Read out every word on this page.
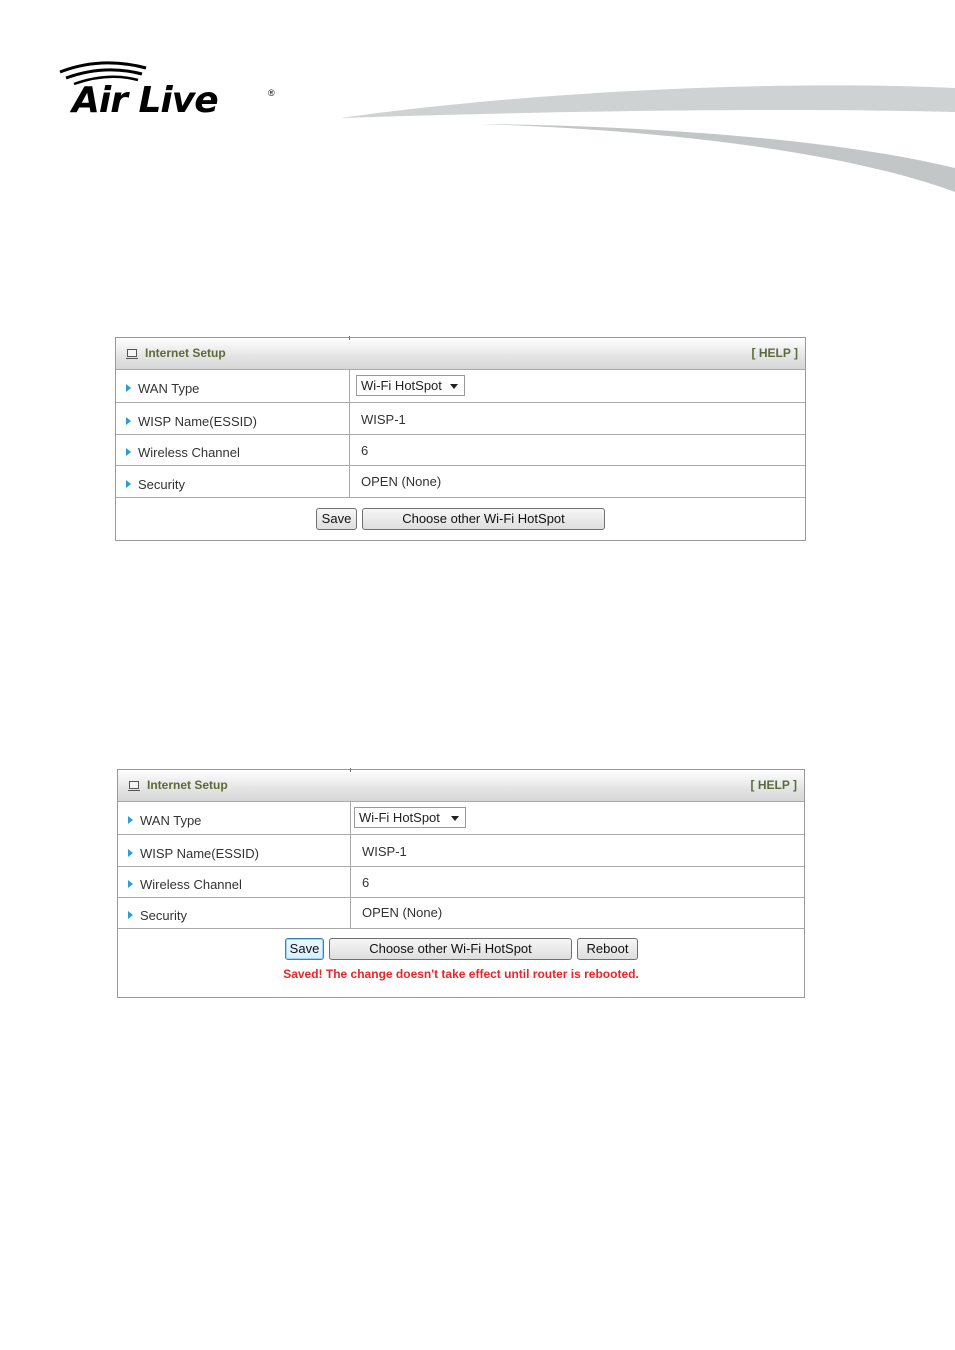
Air Live	®
Internet Setup	[ HELP ]
WAN Type	Wi-Fi HotSpot
WISP Name(ESSID)	WISP-1
Wireless Channel	6
Security	OPEN (None)
Save	Choose other Wi-Fi HotSpot
Internet Setup	[ HELP ]
WAN Type	Wi-Fi HotSpot
WISP Name(ESSID)	WISP-1
Wireless Channel	6
Security	OPEN (None)
Save	Choose other Wi-Fi HotSpot	Reboot
Saved! The change doesn't take effect until router is rebooted.
